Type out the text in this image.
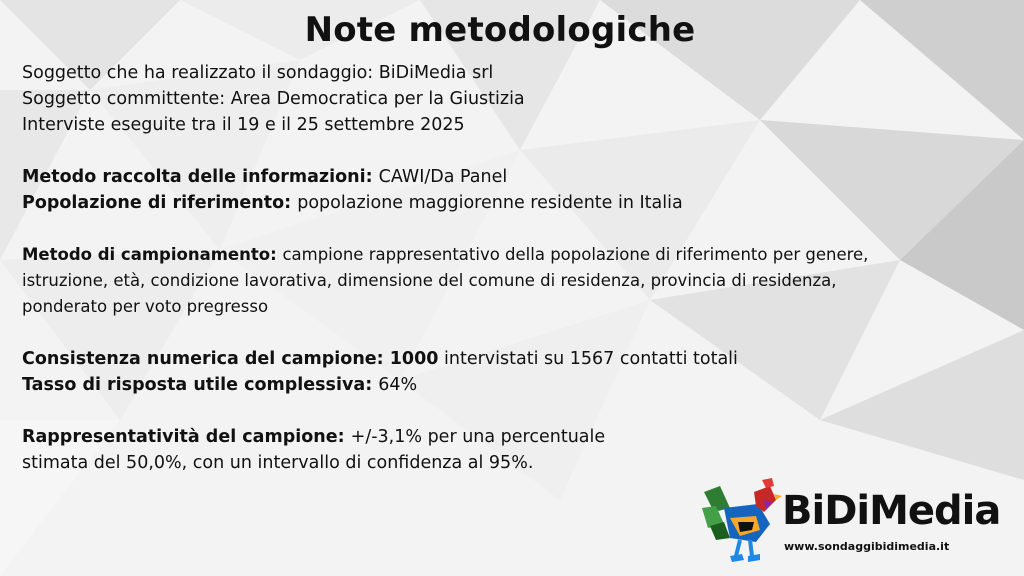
Note metodologiche
Soggetto che ha realizzato il sondaggio: BiDiMedia srl
Soggetto committente: Area Democratica per la Giustizia
Interviste eseguite tra il 19 e il 25 settembre 2025
Metodo raccolta delle informazioni: CAWI/Da Panel
Popolazione di riferimento: popolazione maggiorenne residente in Italia
Metodo di campionamento: campione rappresentativo della popolazione di riferimento per genere,
istruzione, età, condizione lavorativa, dimensione del comune di residenza, provincia di residenza,
ponderato per voto pregresso
Consistenza numerica del campione: 1000 intervistati su 1567 contatti totali
Tasso di risposta utile complessiva: 64%
Rappresentatività del campione: +/-3,1% per una percentuale
stimata del 50,0%, con un intervallo di confidenza al 95%.
BiDiMedia
www.sondaggibidimedia.it
